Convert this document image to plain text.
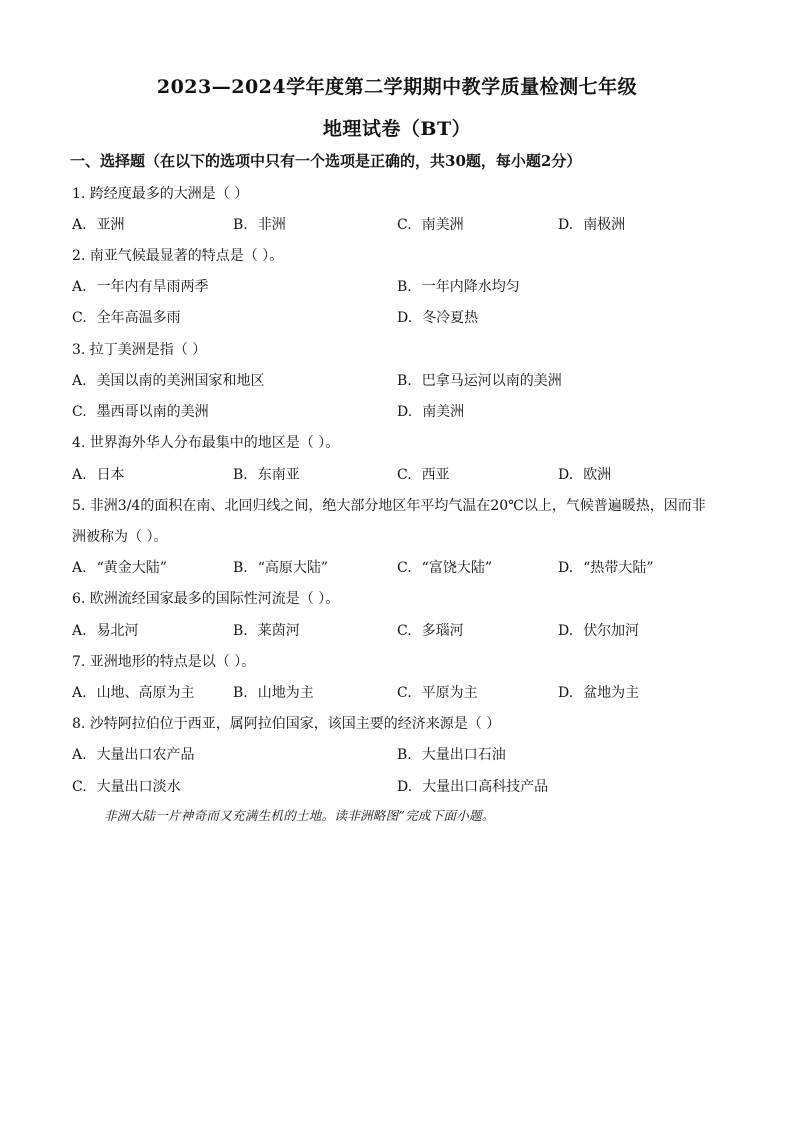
2023—2024学年度第二学期期中教学质量检测七年级
地理试卷（BT）
一、选择题（在以下的选项中只有一个选项是正确的，共30题，每小题2分）
1. 跨经度最多的大洲是（ ）
A. 亚洲	B. 非洲	C. 南美洲	D. 南极洲
2. 南亚气候最显著的特点是（ ）。
A. 一年内有旱雨两季	B. 一年内降水均匀
C. 全年高温多雨	D. 冬冷夏热
3. 拉丁美洲是指（ ）
A. 美国以南的美洲国家和地区	B. 巴拿马运河以南的美洲
C. 墨西哥以南的美洲	D. 南美洲
4. 世界海外华人分布最集中的地区是（ ）。
A. 日本	B. 东南亚	C. 西亚	D. 欧洲
5. 非洲3/4的面积在南、北回归线之间，绝大部分地区年平均气温在20℃以上，气候普遍暖热，因而非
洲被称为（ ）。
A. “黄金大陆”	B. “高原大陆”	C. “富饶大陆”	D. “热带大陆”
6. 欧洲流经国家最多的国际性河流是（ ）。
A. 易北河	B. 莱茵河	C. 多瑙河	D. 伏尔加河
7. 亚洲地形的特点是以（ ）。
A. 山地、高原为主	B. 山地为主	C. 平原为主	D. 盆地为主
8. 沙特阿拉伯位于西亚，属阿拉伯国家，该国主要的经济来源是（ ）
A. 大量出口农产品	B. 大量出口石油
C. 大量出口淡水	D. 大量出口高科技产品
非洲大陆一片神奇而又充满生机的土地。读非洲略图”完成下面小题。
